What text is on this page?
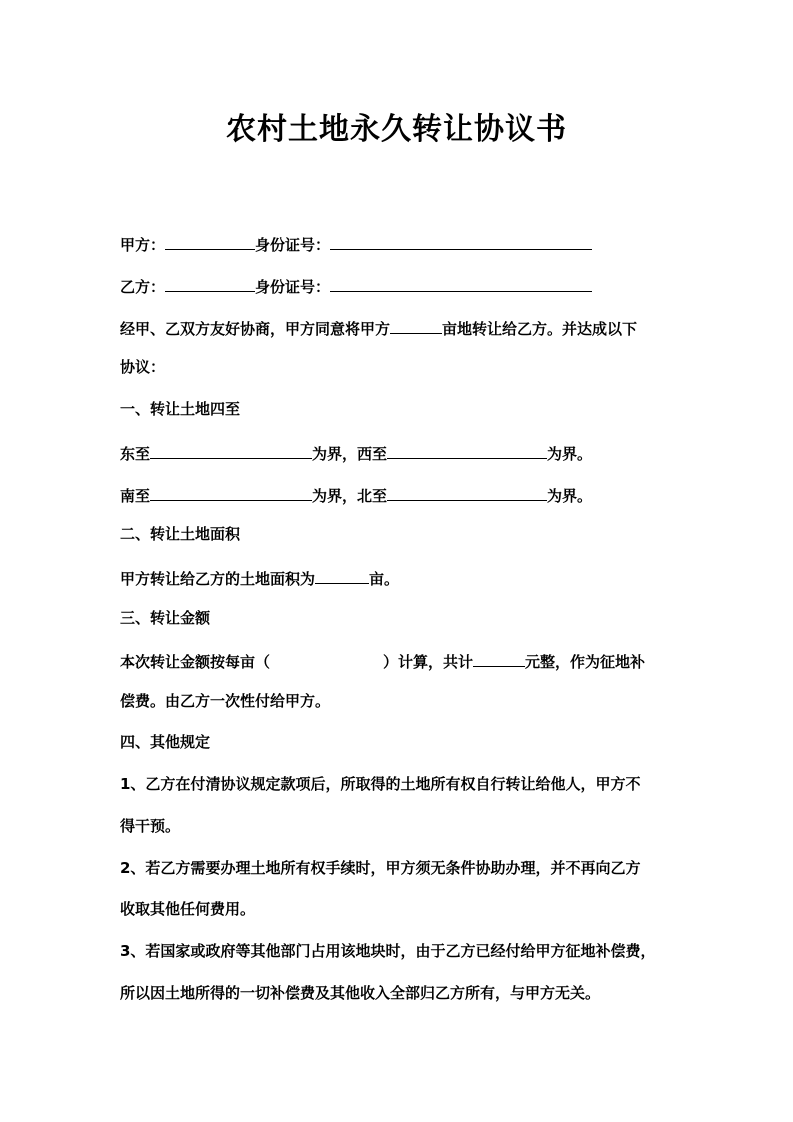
农村土地永久转让协议书
甲方：	身份证号：
乙方：	身份证号：
经甲、乙双方友好协商，甲方同意将甲方	亩地转让给乙方。并达成以下
协议：
一、转让土地四至
东至	为界，西至	为界。
南至	为界，北至	为界。
二、转让土地面积
甲方转让给乙方的土地面积为	亩。
三、转让金额
本次转让金额按每亩（	）计算，共计	元整，作为征地补
偿费。由乙方一次性付给甲方。
四、其他规定
1、乙方在付清协议规定款项后，所取得的土地所有权自行转让给他人，甲方不
得干预。
2、若乙方需要办理土地所有权手续时，甲方须无条件协助办理，并不再向乙方
收取其他任何费用。
3、若国家或政府等其他部门占用该地块时，由于乙方已经付给甲方征地补偿费，
所以因土地所得的一切补偿费及其他收入全部归乙方所有，与甲方无关。
